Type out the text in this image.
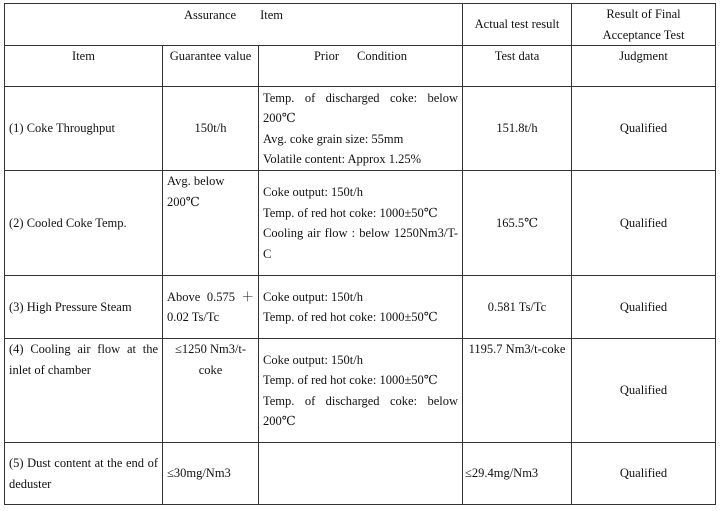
Assurance Item			Actual test result	Result of Final Acceptance Test
Item	Guarantee value	Prior Condition	Test data	Judgment
(1) Coke Throughput	150t/h	Temp. of discharged coke: below 200℃
Avg. coke grain size: 55mm
Volatile content: Approx 1.25%	151.8t/h	Qualified
(2) Cooled Coke Temp.	Avg. below 200℃	Coke output: 150t/h
Temp. of red hot coke: 1000±50℃
Cooling air flow : below 1250Nm3/T-C	165.5℃	Qualified
(3) High Pressure Steam	Above 0.575 ＋0.02 Ts/Tc	Coke output: 150t/h
Temp. of red hot coke: 1000±50℃	0.581 Ts/Tc	Qualified
(4) Cooling air flow at the inlet of chamber	≤1250 Nm3/t-coke	Coke output: 150t/h
Temp. of red hot coke: 1000±50℃
Temp. of discharged coke: below 200℃	1195.7 Nm3/t-coke	Qualified
(5) Dust content at the end of deduster	≤30mg/Nm3		≤29.4mg/Nm3	Qualified
